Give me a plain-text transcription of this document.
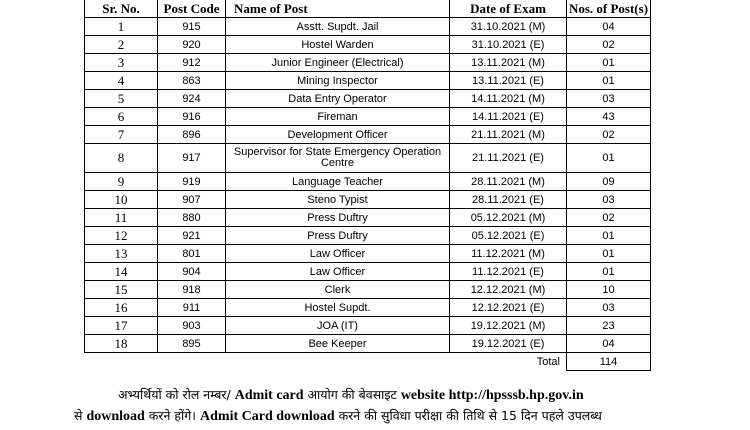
Sr. No.	Post Code	Name of Post	Date of Exam	Nos. of Post(s)
1	915	Asstt. Supdt. Jail	31.10.2021 (M)	04
2	920	Hostel Warden	31.10.2021 (E)	02
3	912	Junior Engineer (Electrical)	13.11.2021 (M)	01
4	863	Mining Inspector	13.11.2021 (E)	01
5	924	Data Entry Operator	14.11.2021 (M)	03
6	916	Fireman	14.11.2021 (E)	43
7	896	Development Officer	21.11.2021 (M)	02
8	917	Supervisor for State Emergency Operation Centre	21.11.2021 (E)	01
9	919	Language Teacher	28.11.2021 (M)	09
10	907	Steno Typist	28.11.2021 (E)	03
11	880	Press Duftry	05.12.2021 (M)	02
12	921	Press Duftry	05.12.2021 (E)	01
13	801	Law Officer	11.12.2021 (M)	01
14	904	Law Officer	11.12.2021 (E)	01
15	918	Clerk	12.12.2021 (M)	10
16	911	Hostel Supdt.	12.12.2021 (E)	03
17	903	JOA (IT)	19.12.2021 (M)	23
18	895	Bee Keeper	19.12.2021 (E)	04
Total				114
अभ्यर्थियों को रोल नम्बर/ Admit card आयोग की बेवसाइट website http://hpsssb.hp.gov.in
से download करने होंगे। Admit Card download करने की सुविधा परीक्षा की तिथि से 15 दिन पहले उपलब्ध
